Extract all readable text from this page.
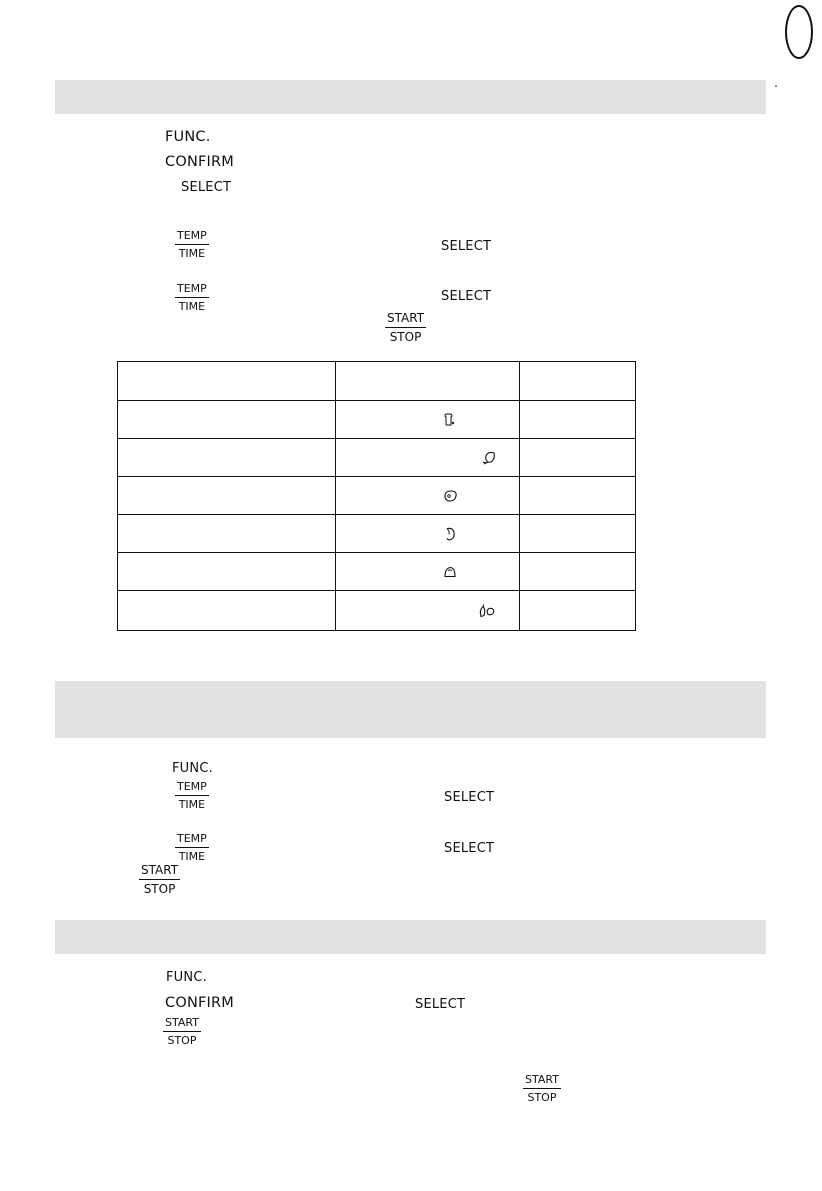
FUNC.
CONFIRM
SELECT
TEMP
TIME	SELECT
TEMP
TIME
SELECT
START
STOP

FUNC.
TEMP
TIME	SELECT
TEMP
TIME
SELECT
START
STOP
FUNC.
CONFIRM	SELECT
START
STOP
START
STOP
